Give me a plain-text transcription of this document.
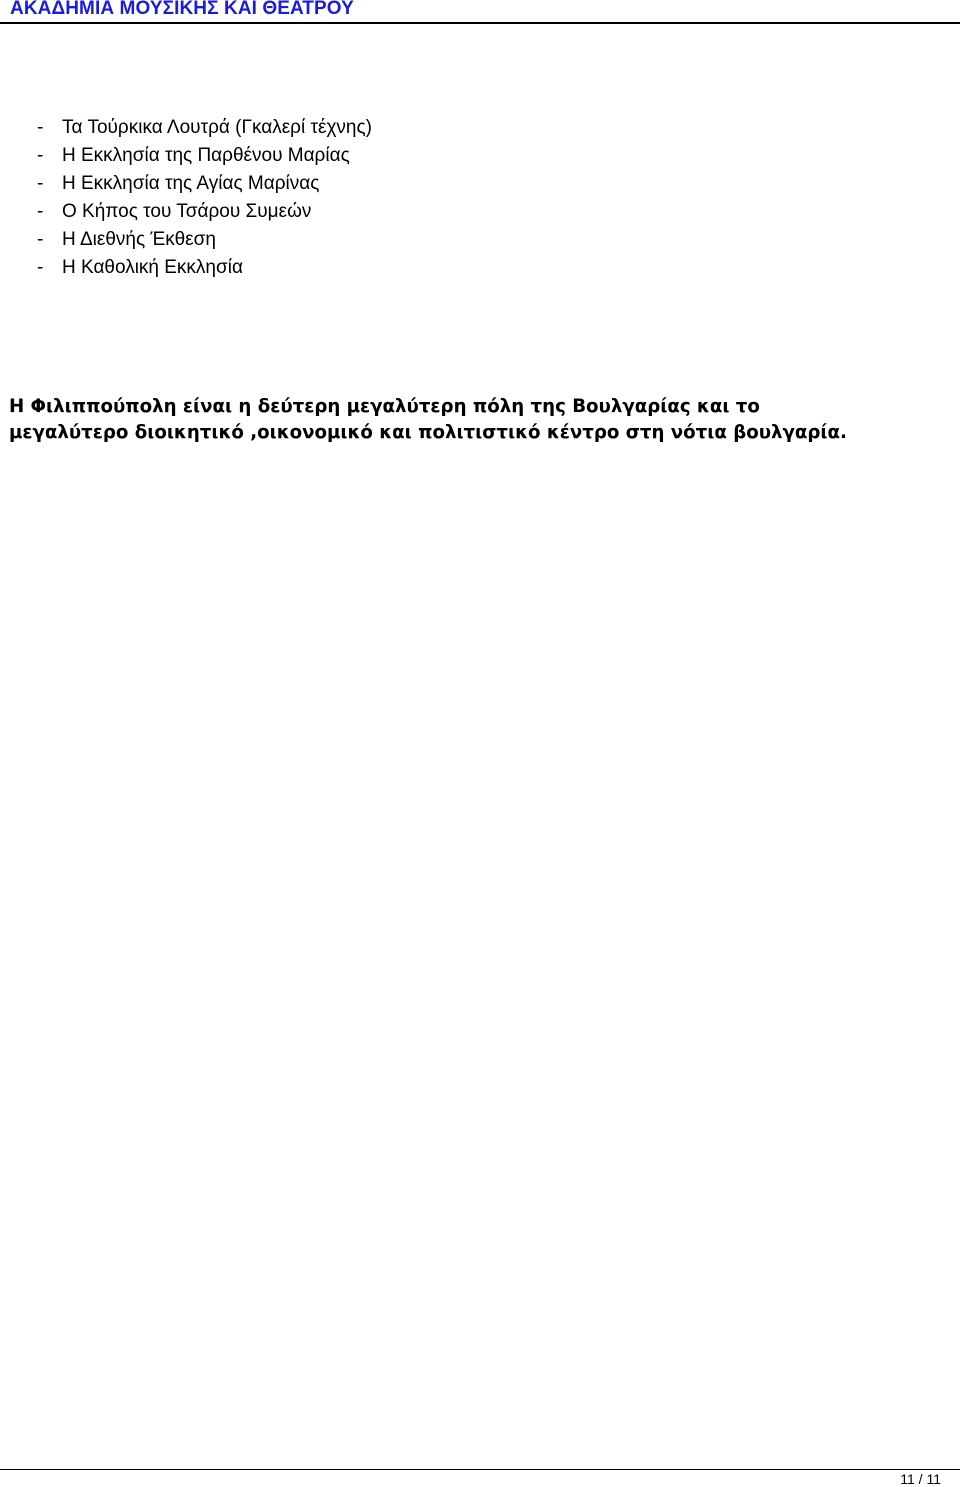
ΑΚΑΔΗΜΙΑ ΜΟΥΣΙΚΗΣ ΚΑΙ ΘΕΑΤΡΟΥ
- Τα Τούρκικα Λουτρά (Γκαλερί τέχνης)
- Η Εκκλησία της Παρθένου Μαρίας
- Η Εκκλησία της Αγίας Μαρίνας
- Ο Κήπος του Τσάρου Συμεών
- Η Διεθνής Έκθεση
- Η Καθολική Εκκλησία

Η Φιλιππούπολη είναι η δεύτερη μεγαλύτερη πόλη της Βουλγαρίας και το
μεγαλύτερο διοικητικό ,οικονομικό και πολιτιστικό κέντρο στη νότια βουλγαρία.

11 / 11
